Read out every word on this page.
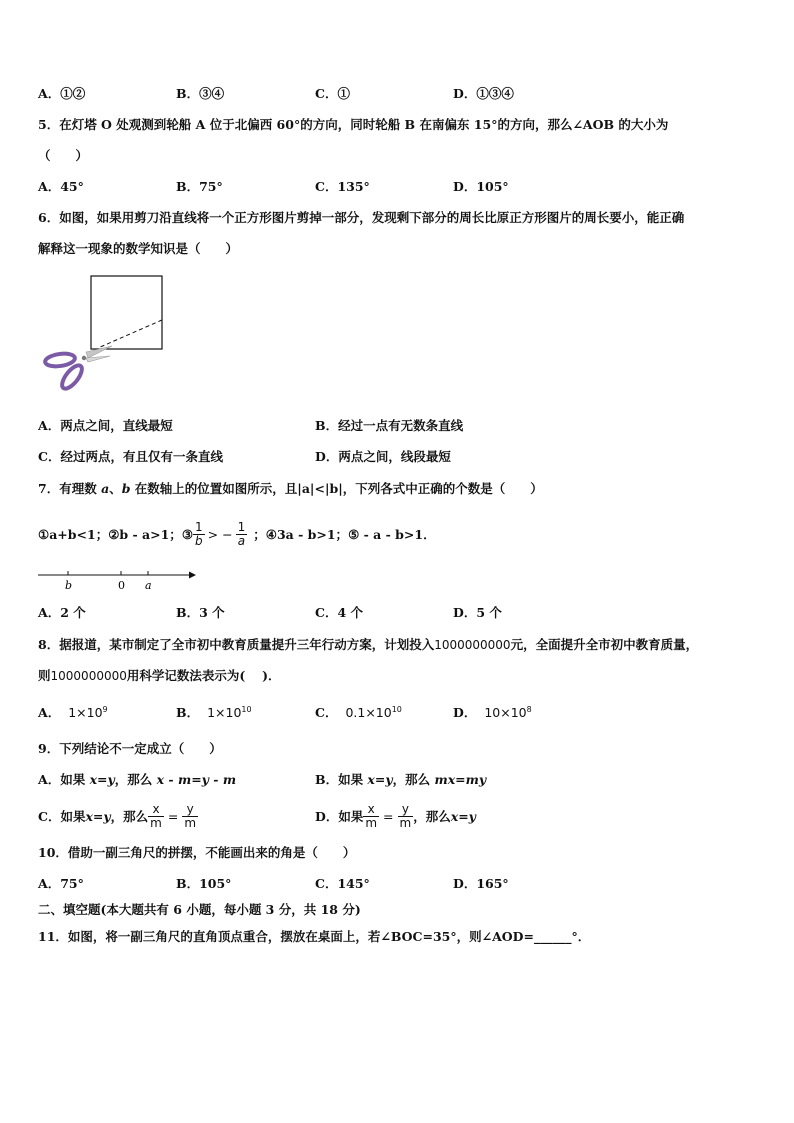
A．①②	B．③④	C．①	D．①③④
5．在灯塔 O 处观测到轮船 A 位于北偏西 60°的方向，同时轮船 B 在南偏东 15°的方向，那么∠AOB 的大小为
（　　）
A．45°	B．75°	C．135°	D．105°
6．如图，如果用剪刀沿直线将一个正方形图片剪掉一部分，发现剩下部分的周长比原正方形图片的周长要小，能正确
解释这一现象的数学知识是（　　）
A．两点之间，直线最短	B．经过一点有无数条直线
C．经过两点，有且仅有一条直线	D．两点之间，线段最短
7．有理数 a、b 在数轴上的位置如图所示，且|a|<|b|，下列各式中正确的个数是（　　）
①a+b<1； ②b - a>1； ③ $\frac{1}{b}$ > − $\frac{1}{a}$ ； ④3a - b>1； ⑤ - a - b>1．
b	0 a
A．2 个	B．3 个	C．4 个	D．5 个
8．据报道，某市制定了全市初中教育质量提升三年行动方案，计划投入1000000000元，全面提升全市初中教育质量，
则1000000000用科学记数法表示为(　 )．
A． $1\times 10^9$	B． $1\times 10^{10}$	C． $0.1\times 10^{10}$	D． $10\times 10^8$
9．下列结论不一定成立（　　）
A．如果 x=y，那么 x - m=y - m	B．如果 x=y，那么 mx=my
C．如果 x=y ，那么 $\frac{x}{m} = \frac{y}{m}$	D．如果 $\frac{x}{m} = \frac{y}{m}$ ，那么 x=y
10．借助一副三角尺的拼摆，不能画出来的角是（　　）
A．75°	B．105°	C．145°	D．165°
二、填空题(本大题共有 6 小题，每小题 3 分，共 18 分)
11．如图，将一副三角尺的直角顶点重合，摆放在桌面上，若∠BOC=35°，则∠AOD=______°．
